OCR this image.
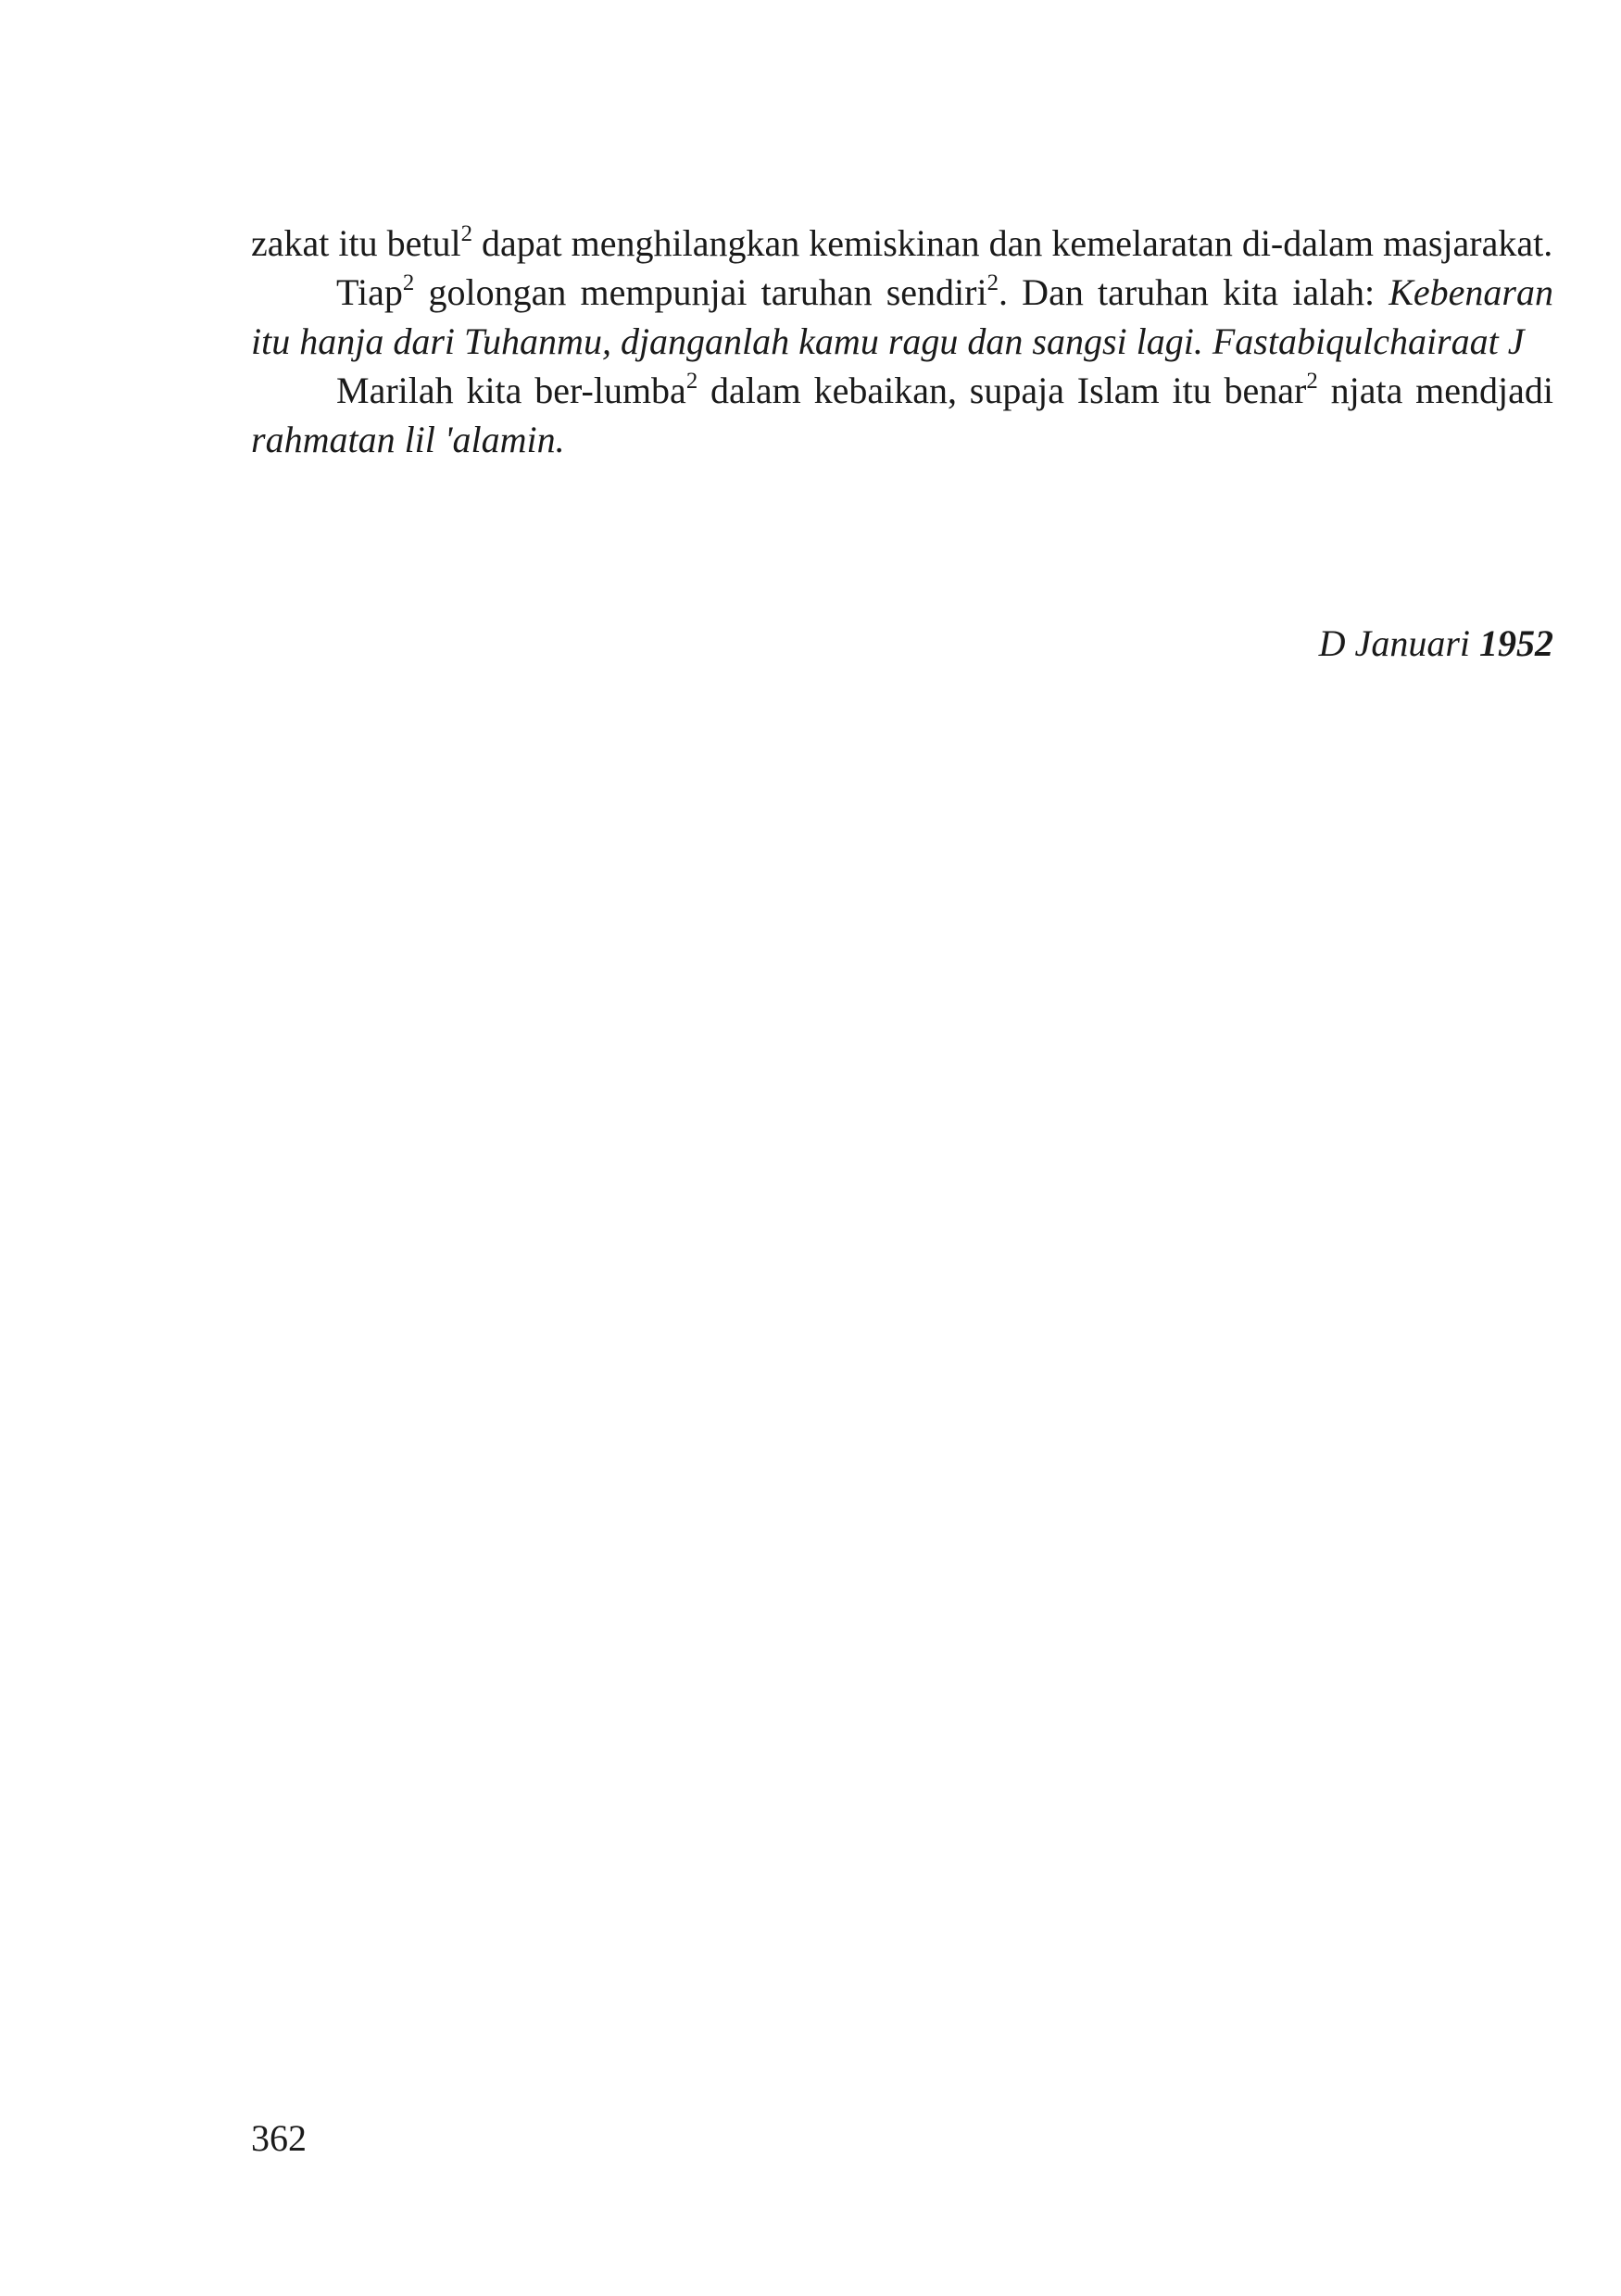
zakat itu betul$^2$ dapat menghilangkan kemiskinan dan kemelaratan di-dalam masjarakat.

Tiap$^2$ golongan mempunjai taruhan sendiri$^2$. Dan taruhan kita ialah: Kebenaran itu hanja dari Tuhanmu, djanganlah kamu ragu dan sangsi lagi. Fastabiqulchairaat J

Marilah kita ber-lumba$^2$ dalam kebaikan, supaja Islam itu benar$^2$ njata mendjadi rahmatan lil 'alamin.

D Januari 1952
362
